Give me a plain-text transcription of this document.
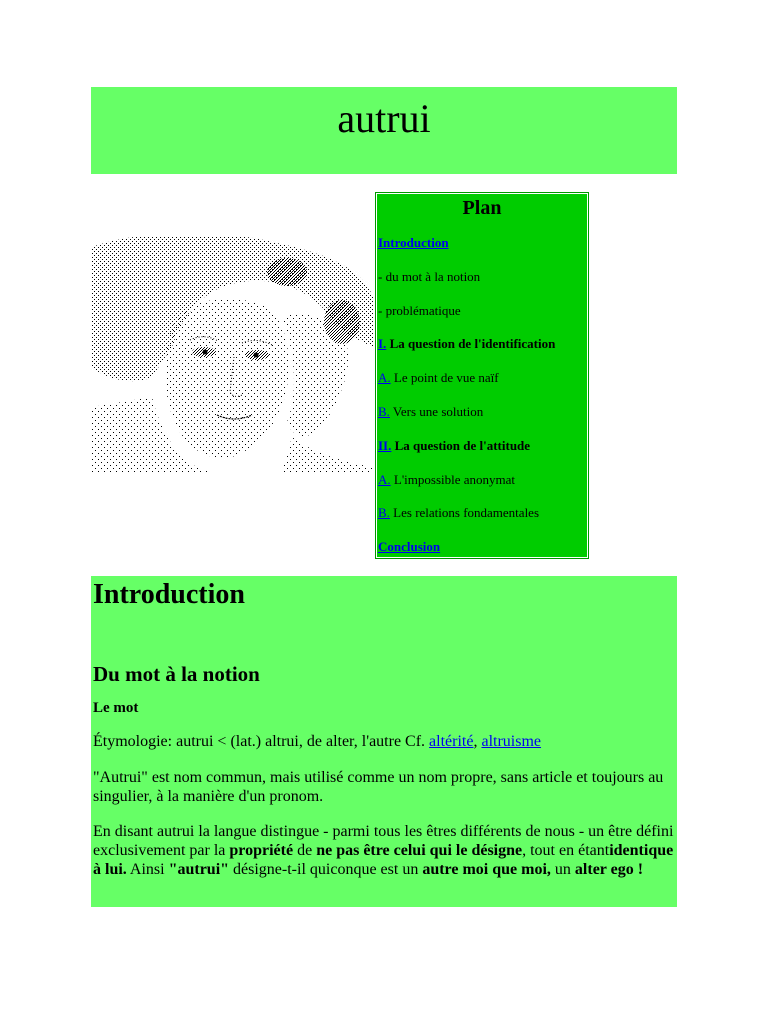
autrui
Plan
Introduction
- du mot à la notion
- problématique
I. La question de l'identification
A. Le point de vue naïf
B. Vers une solution
II. La question de l'attitude
A. L'impossible anonymat
B. Les relations fondamentales
Conclusion
Introduction
Du mot à la notion
Le mot

Étymologie: autrui < (lat.) altrui, de alter, l'autre Cf. altérité, altruisme

"Autrui" est nom commun, mais utilisé comme un nom propre, sans article et toujours au singulier, à la manière d'un pronom.

En disant autrui la langue distingue - parmi tous les êtres différents de nous - un être défini exclusivement par la propriété de ne pas être celui qui le désigne, tout en étantidentique à lui. Ainsi "autrui" désigne-t-il quiconque est un autre moi que moi, un alter ego !
